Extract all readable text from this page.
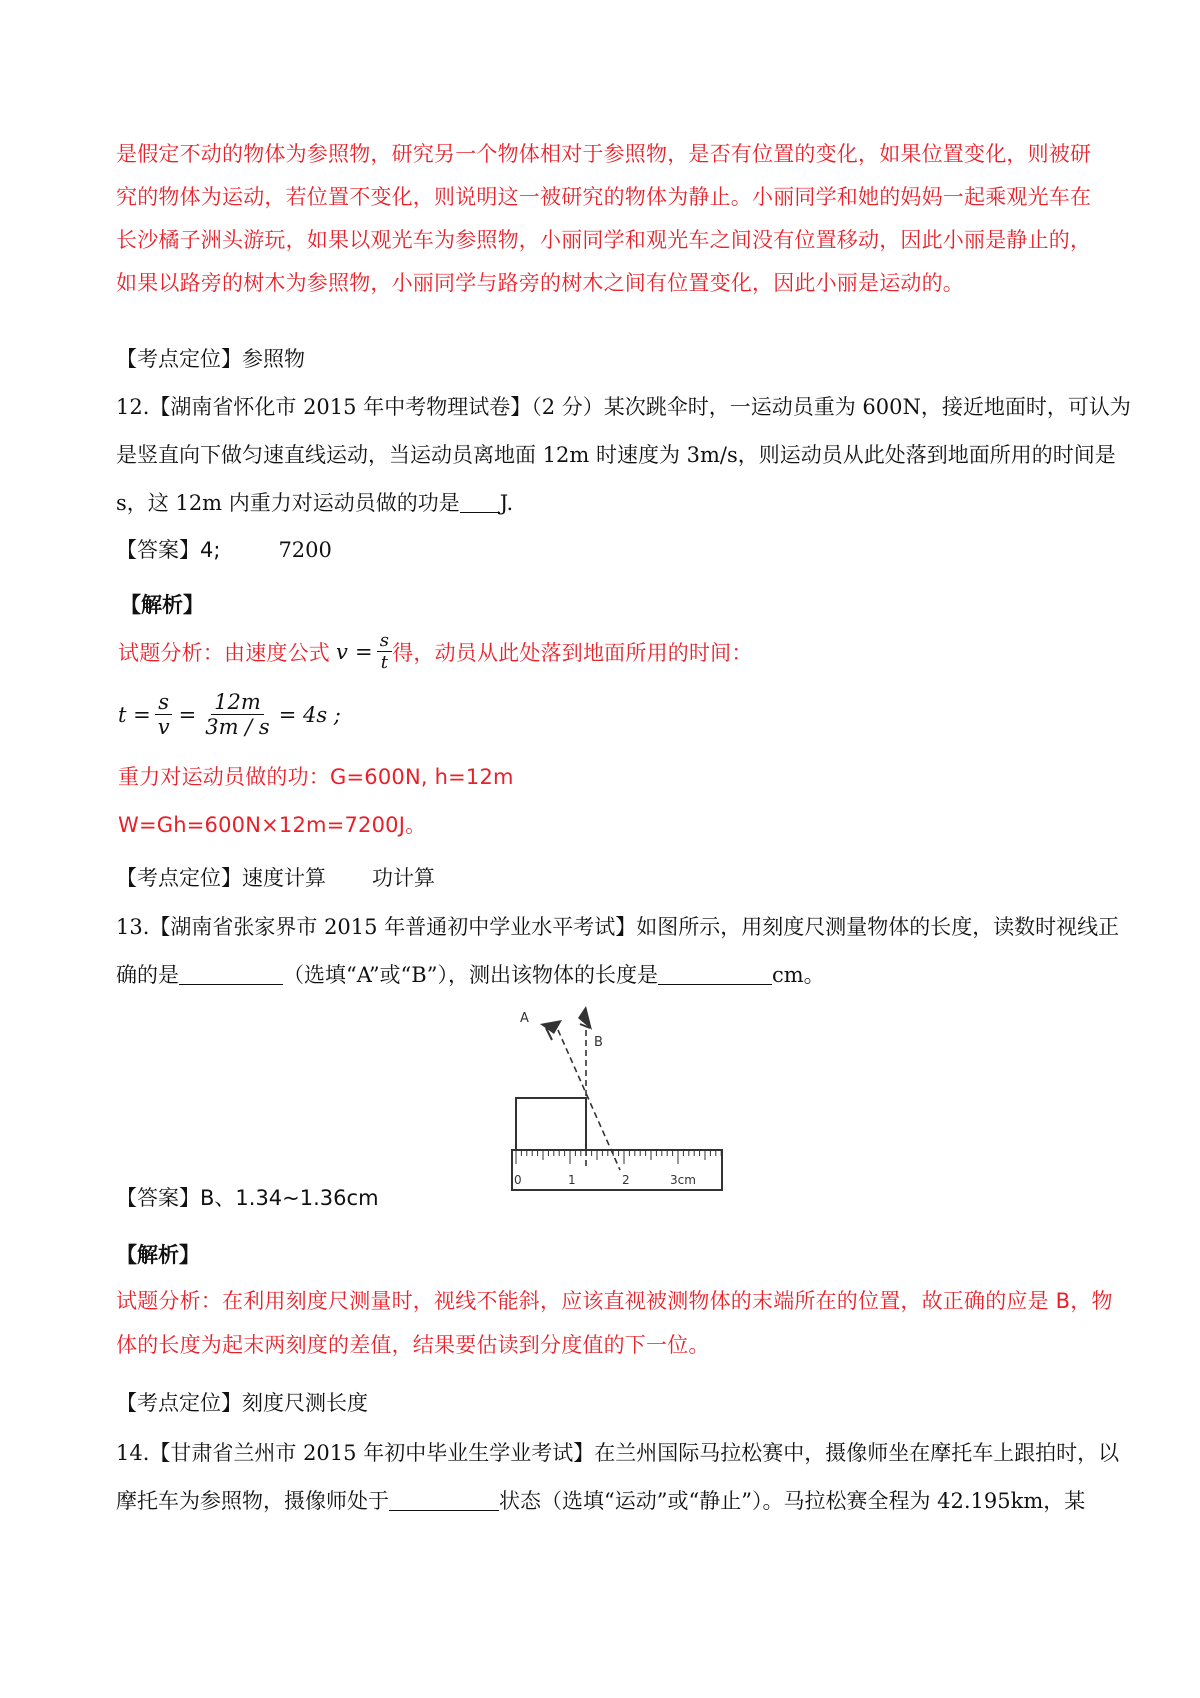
是假定不动的物体为参照物，研究另一个物体相对于参照物，是否有位置的变化，如果位置变化，则被研
究的物体为运动，若位置不变化，则说明这一被研究的物体为静止。小丽同学和她的妈妈一起乘观光车在
长沙橘子洲头游玩，如果以观光车为参照物，小丽同学和观光车之间没有位置移动，因此小丽是静止的，
如果以路旁的树木为参照物，小丽同学与路旁的树木之间有位置变化，因此小丽是运动的。
【考点定位】参照物
12.【湖南省怀化市 2015 年中考物理试卷】（2 分）某次跳伞时，一运动员重为 600N，接近地面时，可认为
是竖直向下做匀速直线运动，当运动员离地面 12m 时速度为 3m/s，则运动员从此处落到地面所用的时间是
s，这 12m 内重力对运动员做的功是 J.
【答案】4;	7200
【解析】
试题分析：由速度公式 $v = \frac{s}{t}$ 得，动员从此处落到地面所用的时间：
$t = \frac{s}{v} = \frac{12m}{3m / s} = 4s$ ;
重力对运动员做的功：G=600N, h=12m
W=Gh=600N×12m=7200J。
【考点定位】速度计算 功计算
13.【湖南省张家界市 2015 年普通初中学业水平考试】如图所示，用刻度尺测量物体的长度，读数时视线正
确的是	（选填“A”或“B”），测出该物体的长度是	cm。
A
B
0	1	2	3cm
【答案】B、1.34~1.36cm
【解析】
试题分析：在利用刻度尺测量时，视线不能斜，应该直视被测物体的末端所在的位置，故正确的应是 B，物
体的长度为起末两刻度的差值，结果要估读到分度值的下一位。
【考点定位】刻度尺测长度
14.【甘肃省兰州市 2015 年初中毕业生学业考试】在兰州国际马拉松赛中，摄像师坐在摩托车上跟拍时，以
摩托车为参照物，摄像师处于	状态（选填“运动”或“静止”）。马拉松赛全程为 42.195km，某
